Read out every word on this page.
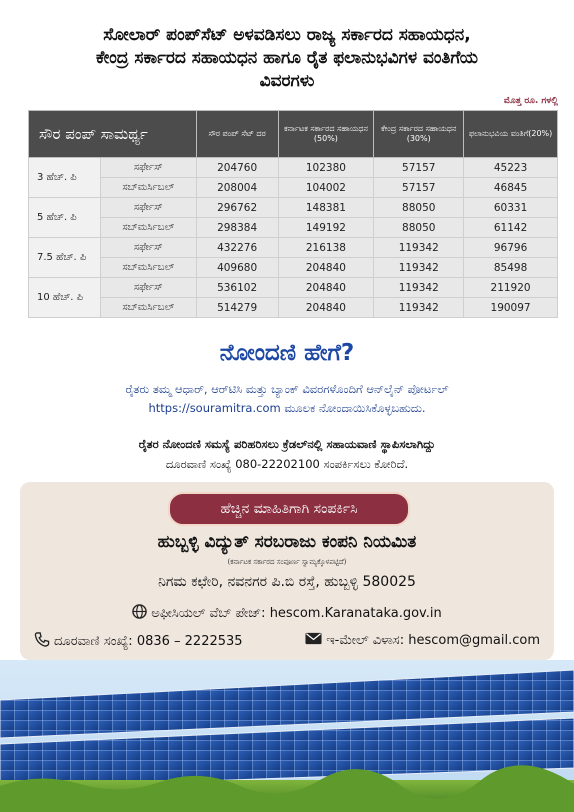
ಸೋಲಾರ್ ಪಂಪ್‌ಸೆಟ್ ಅಳವಡಿಸಲು ರಾಜ್ಯ ಸರ್ಕಾರದ ಸಹಾಯಧನ,
ಕೇಂದ್ರ ಸರ್ಕಾರದ ಸಹಾಯಧನ ಹಾಗೂ ರೈತ ಫಲಾನುಭವಿಗಳ ವಂತಿಗೆಯ
ವಿವರಗಳು
ಮೊತ್ತ ರೂ. ಗಳಲ್ಲಿ
ಸೌರ ಪಂಪ್ ಸಾಮರ್ಥ್ಯ		ಸೌರ ಪಂಪ್ ಸೆಟ್ ದರ	ಕರ್ನಾಟಕ ಸರ್ಕಾರದ ಸಹಾಯಧನ (50%)	ಕೇಂದ್ರ ಸರ್ಕಾರದ ಸಹಾಯಧನ (30%)	ಫಲಾನುಭವಿಯ ವಂತಿಗೆ(20%)
3 ಹೆಚ್. ಪಿ	ಸರ್ಫೇಸ್	204760	102380	57157	45223
	ಸಬ್‌ಮರ್ಸಿಬಲ್	208004	104002	57157	46845
5 ಹೆಚ್. ಪಿ	ಸರ್ಫೇಸ್	296762	148381	88050	60331
	ಸಬ್‌ಮರ್ಸಿಬಲ್	298384	149192	88050	61142
7.5 ಹೆಚ್. ಪಿ	ಸರ್ಫೇಸ್	432276	216138	119342	96796
	ಸಬ್‌ಮರ್ಸಿಬಲ್	409680	204840	119342	85498
10 ಹೆಚ್. ಪಿ	ಸರ್ಫೇಸ್	536102	204840	119342	211920
	ಸಬ್‌ಮರ್ಸಿಬಲ್	514279	204840	119342	190097
ನೋಂದಣಿ ಹೇಗೆ?
ರೈತರು ತಮ್ಮ ಆಧಾರ್, ಆರ್‌ಟಿಸಿ ಮತ್ತು ಬ್ಯಾಂಕ್ ವಿವರಗಳೊಂದಿಗೆ ಆನ್‌ಲೈನ್ ಪೋರ್ಟಲ್
https://souramitra.com ಮೂಲಕ ನೋಂದಾಯಿಸಿಕೊಳ್ಳಬಹುದು.
ರೈತರ ನೋಂದಣಿ ಸಮಸ್ಯೆ ಪರಿಹರಿಸಲು ಕ್ರೆಡಲ್‌ನಲ್ಲಿ ಸಹಾಯವಾಣಿ ಸ್ಥಾಪಿಸಲಾಗಿದ್ದು
ದೂರವಾಣಿ ಸಂಖ್ಯೆ 080-22202100 ಸಂಪರ್ಕಿಸಲು ಕೋರಿದೆ.
ಹೆಚ್ಚಿನ ಮಾಹಿತಿಗಾಗಿ ಸಂಪರ್ಕಿಸಿ
ಹುಬ್ಬಳ್ಳಿ ವಿದ್ಯುತ್ ಸರಬರಾಜು ಕಂಪನಿ ನಿಯಮಿತ
(ಕರ್ನಾಟಕ ಸರ್ಕಾರದ ಸಂಪೂರ್ಣ ಸ್ವಾಮ್ಯಕ್ಕೊಳಪಟ್ಟಿದೆ)
ನಿಗಮ ಕಛೇರಿ, ನವನಗರ ಪಿ.ಬಿ ರಸ್ತೆ, ಹುಬ್ಬಳ್ಳಿ 580025
ಅಫೀಸಿಯಲ್ ವೆಬ್ ಪೇಜ್: hescom.Karanataka.gov.in
ದೂರವಾಣಿ ಸಂಖ್ಯೆ: 0836 – 2222535	ಇ-ಮೇಲ್ ವಿಳಾಸ: hescom@gmail.com
